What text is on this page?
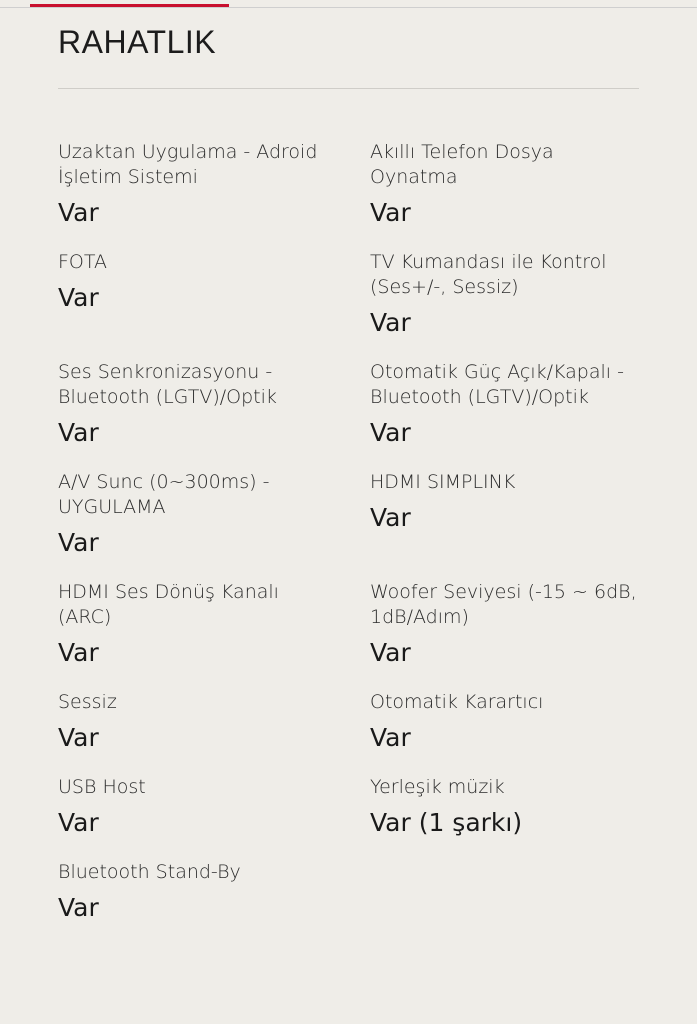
RAHATLIK
Uzaktan Uygulama - Adroid İşletim Sistemi
Var
Akıllı Telefon Dosya Oynatma
Var
FOTA
Var
TV Kumandası ile Kontrol (Ses+/-, Sessiz)
Var
Ses Senkronizasyonu - Bluetooth (LGTV)/Optik
Var
Otomatik Güç Açık/Kapalı - Bluetooth (LGTV)/Optik
Var
A/V Sunc (0~300ms) - UYGULAMA
Var
HDMI SIMPLINK
Var
HDMI Ses Dönüş Kanalı (ARC)
Var
Woofer Seviyesi (-15 ~ 6dB, 1dB/Adım)
Var
Sessiz
Var
Otomatik Karartıcı
Var
USB Host
Var
Yerleşik müzik
Var (1 şarkı)
Bluetooth Stand-By
Var
